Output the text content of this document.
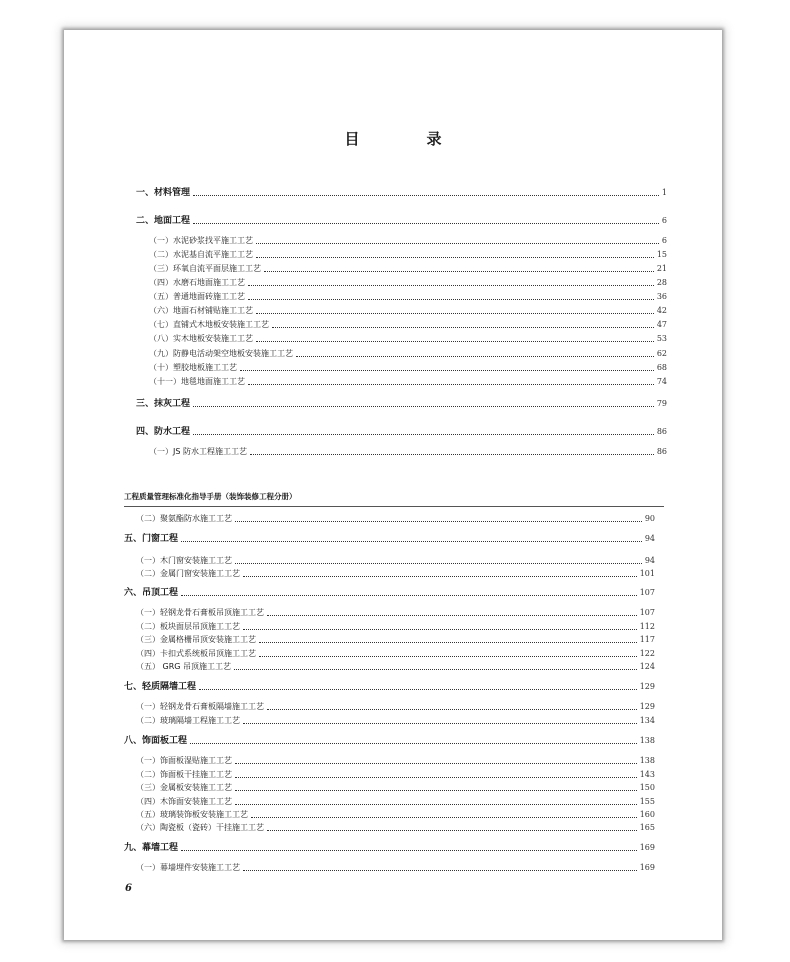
目　录
一、材料管理	1
二、地面工程	6
（一）水泥砂浆找平施工工艺	6
（二）水泥基自流平施工工艺	15
（三）环氧自流平面层施工工艺	21
（四）水磨石地面施工工艺	28
（五）普通地面砖施工工艺	36
（六）地面石材铺贴施工工艺	42
（七）直铺式木地板安装施工工艺	47
（八）实木地板安装施工工艺	53
（九）防静电活动架空地板安装施工工艺	62
（十）塑胶地板施工工艺	68
（十一）地毯地面施工工艺	74
三、抹灰工程	79
四、防水工程	86
（一）JS 防水工程施工工艺	86
（二）聚氨酯防水施工工艺	90
五、门窗工程	94
（一）木门窗安装施工工艺	94
（二）金属门窗安装施工工艺	101
六、吊顶工程	107
（一）轻钢龙骨石膏板吊顶施工工艺	107
（二）板块面层吊顶施工工艺	112
（三）金属格栅吊顶安装施工工艺	117
（四）卡扣式系统板吊顶施工工艺	122
（五） GRG 吊顶施工工艺	124
七、轻质隔墙工程	129
（一）轻钢龙骨石膏板隔墙施工工艺	129
（二）玻璃隔墙工程施工工艺	134
八、饰面板工程	138
（一）饰面板湿贴施工工艺	138
（二）饰面板干挂施工工艺	143
（三）金属板安装施工工艺	150
（四）木饰面安装施工工艺	155
（五）玻璃装饰板安装施工工艺	160
（六）陶瓷板（瓷砖）干挂施工工艺	165
九、幕墙工程	169
（一）幕墙埋件安装施工工艺	169
工程质量管理标准化指导手册（装饰装修工程分册）
6
